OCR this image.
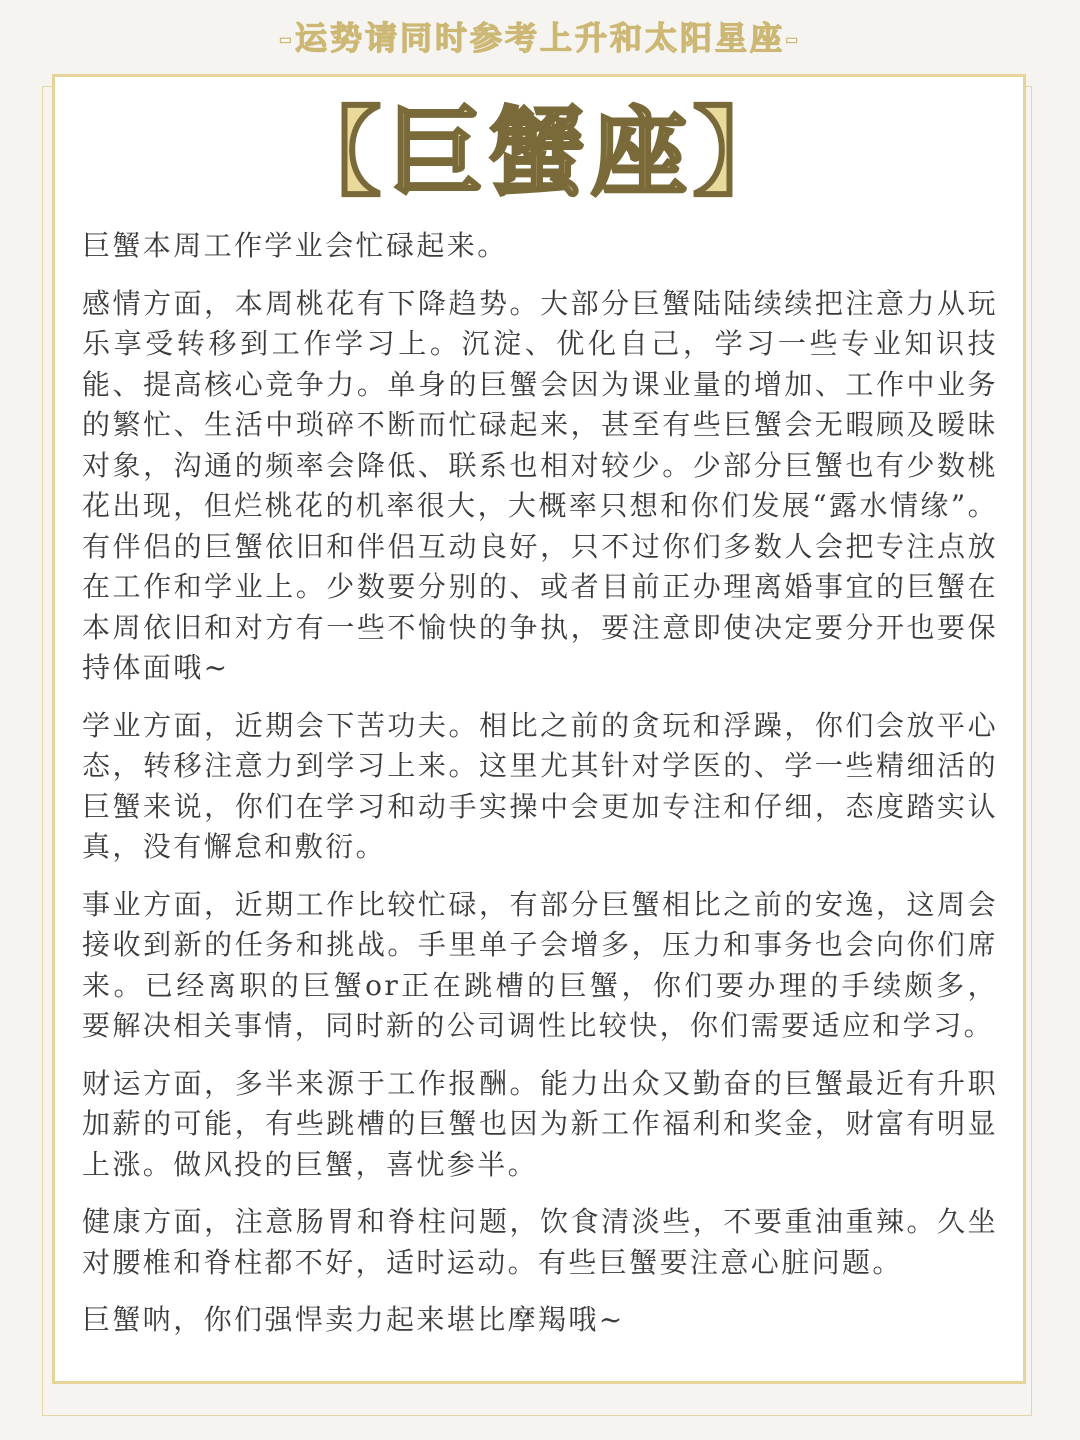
-运势请同时参考上升和太阳星座-
【巨蟹座】

巨蟹本周工作学业会忙碌起来。

感情方面，本周桃花有下降趋势。大部分巨蟹陆陆续续把注意力从玩乐享受转移到工作学习上。沉淀、优化自己，学习一些专业知识技能、提高核心竞争力。单身的巨蟹会因为课业量的增加、工作中业务的繁忙、生活中琐碎不断而忙碌起来，甚至有些巨蟹会无暇顾及暧昧对象，沟通的频率会降低、联系也相对较少。少部分巨蟹也有少数桃花出现，但烂桃花的机率很大，大概率只想和你们发展“露水情缘”。有伴侣的巨蟹依旧和伴侣互动良好，只不过你们多数人会把专注点放在工作和学业上。少数要分别的、或者目前正办理离婚事宜的巨蟹在本周依旧和对方有一些不愉快的争执，要注意即使决定要分开也要保持体面哦~

学业方面，近期会下苦功夫。相比之前的贪玩和浮躁，你们会放平心态，转移注意力到学习上来。这里尤其针对学医的、学一些精细活的巨蟹来说，你们在学习和动手实操中会更加专注和仔细，态度踏实认真，没有懈怠和敷衍。

事业方面，近期工作比较忙碌，有部分巨蟹相比之前的安逸，这周会接收到新的任务和挑战。手里单子会增多，压力和事务也会向你们席来。已经离职的巨蟹or正在跳槽的巨蟹，你们要办理的手续颇多，要解决相关事情，同时新的公司调性比较快，你们需要适应和学习。

财运方面，多半来源于工作报酬。能力出众又勤奋的巨蟹最近有升职加薪的可能，有些跳槽的巨蟹也因为新工作福利和奖金，财富有明显上涨。做风投的巨蟹，喜忧参半。

健康方面，注意肠胃和脊柱问题，饮食清淡些，不要重油重辣。久坐对腰椎和脊柱都不好，适时运动。有些巨蟹要注意心脏问题。

巨蟹呐，你们强悍卖力起来堪比摩羯哦~
